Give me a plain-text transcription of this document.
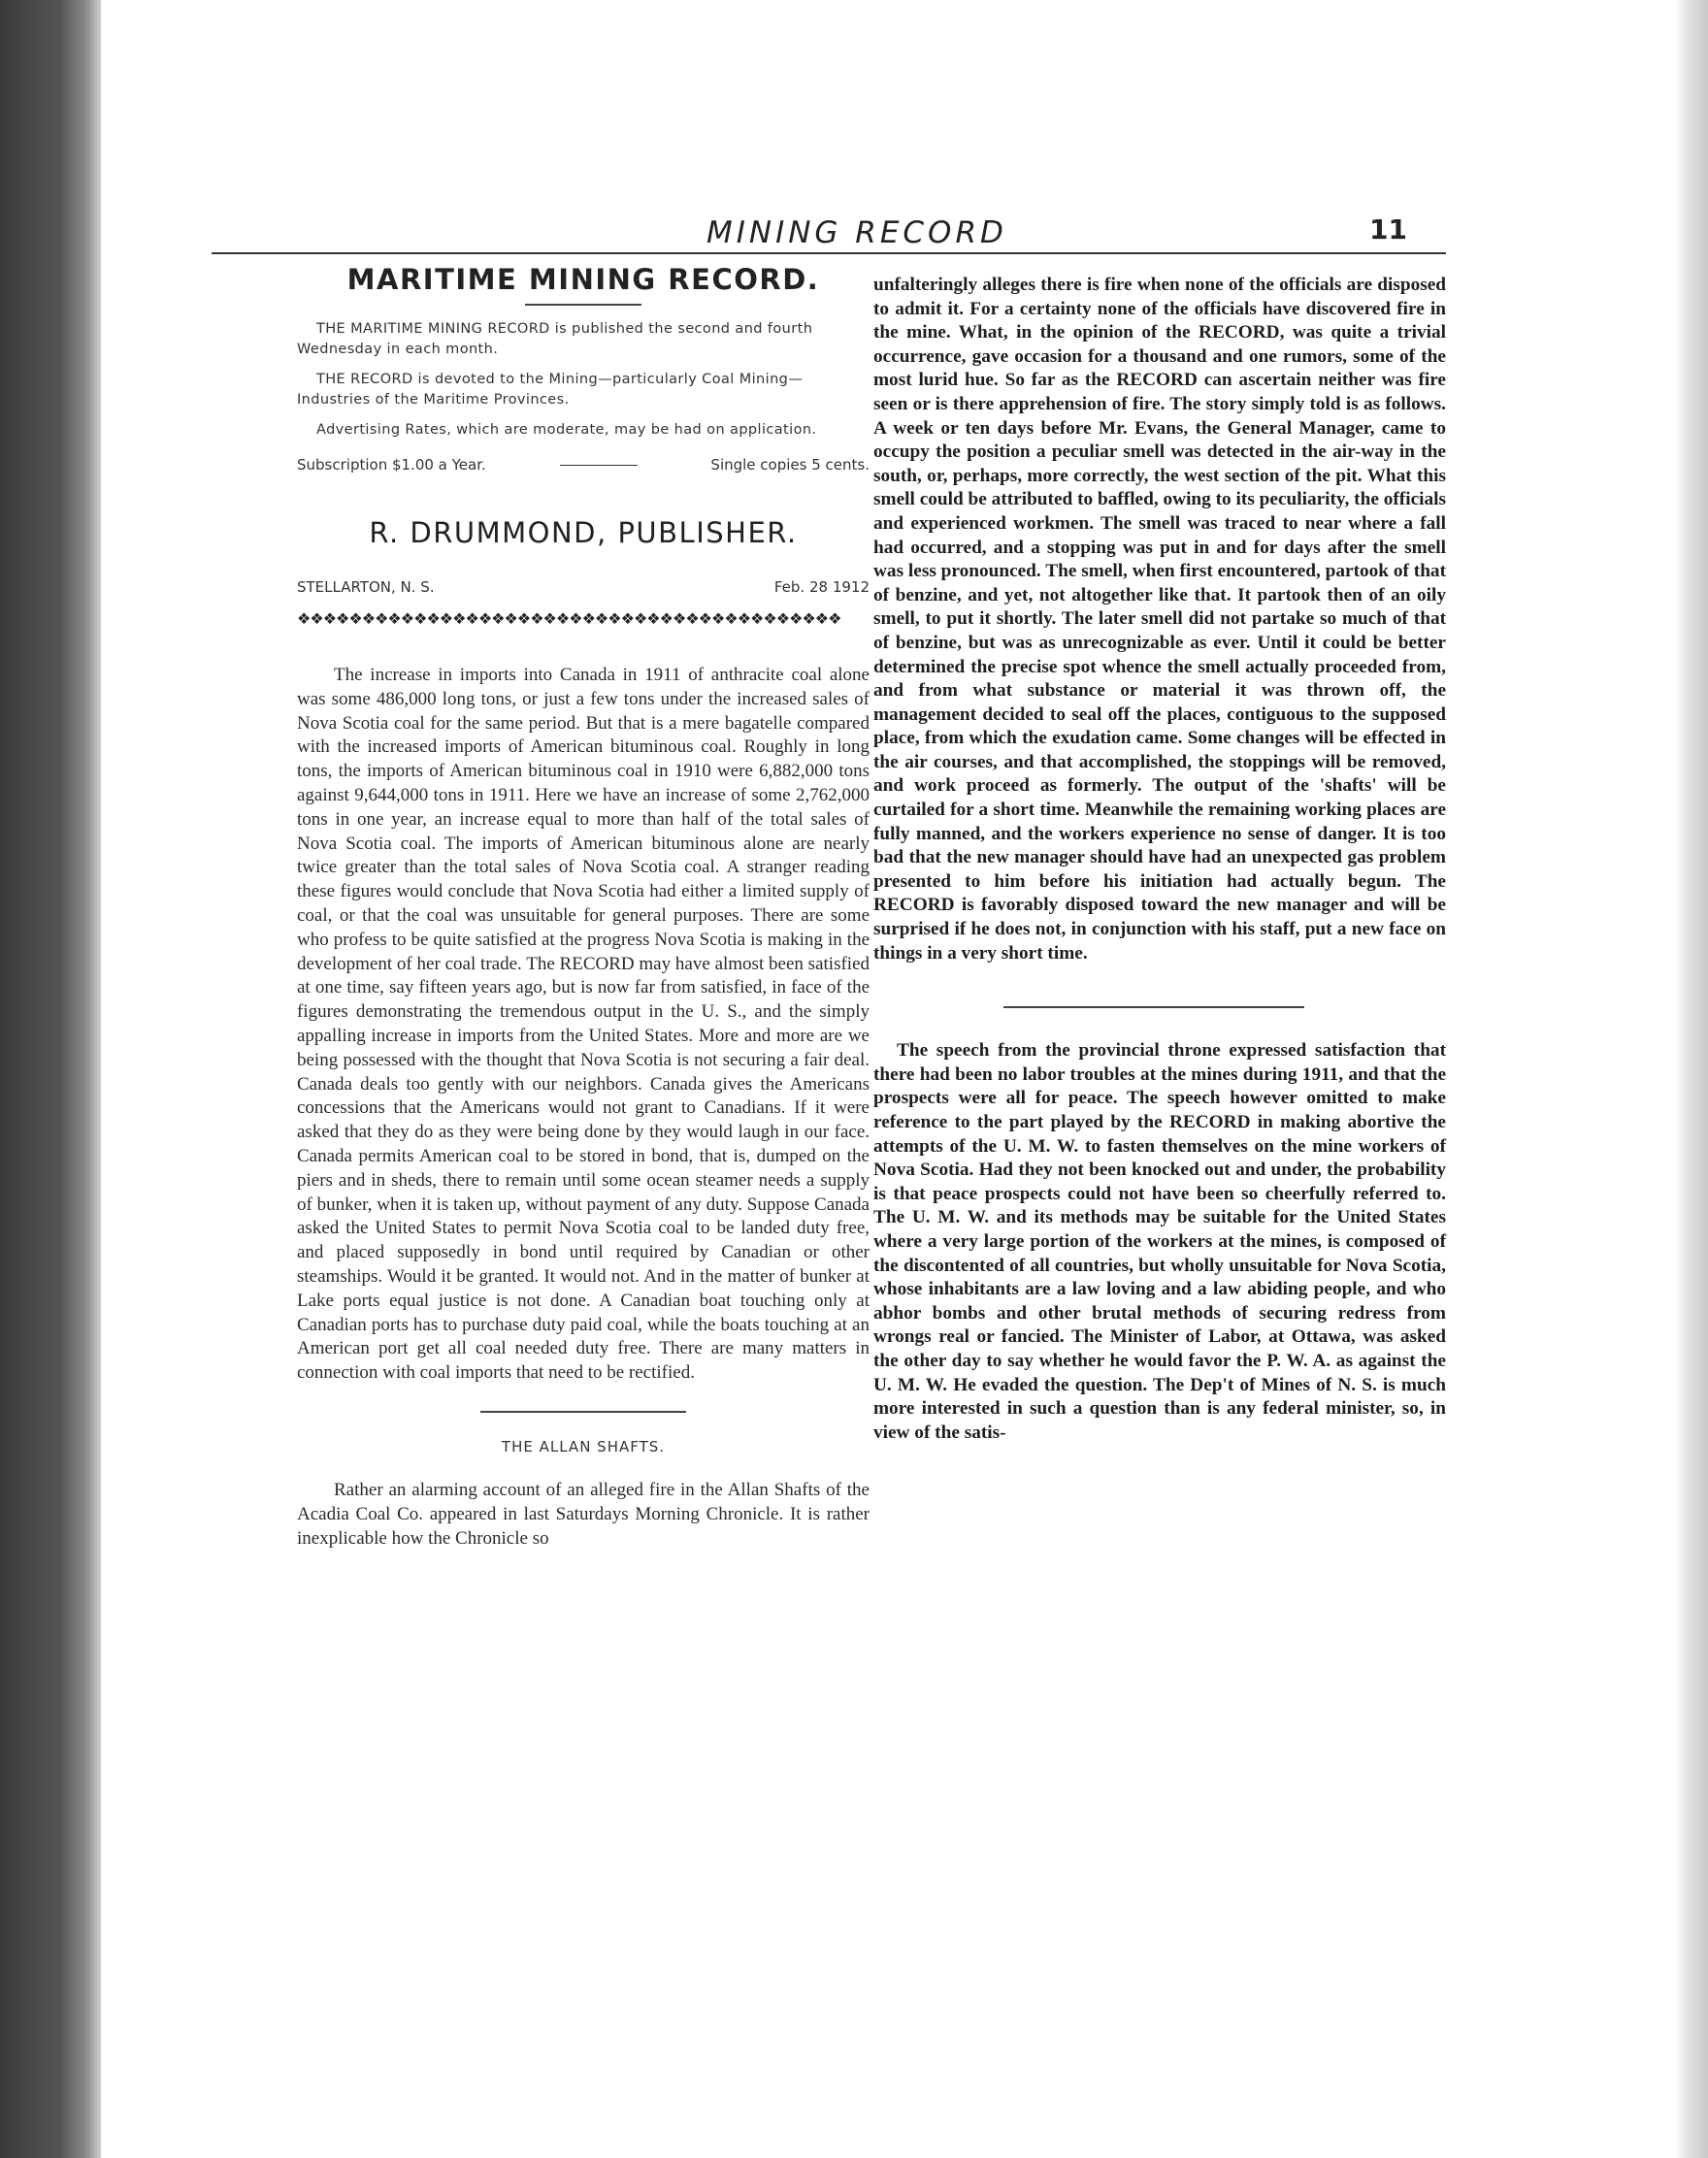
MINING RECORD	11
MARITIME MINING RECORD.

THE MARITIME MINING RECORD is published the second and fourth Wednesday in each month.

THE RECORD is devoted to the Mining—particularly Coal Mining—Industries of the Maritime Provinces.

Advertising Rates, which are moderate, may be had on application.

Subscription $1.00 a Year.	Single copies 5 cents.
R. DRUMMOND, PUBLISHER.
STELLARTON, N. S.	Feb. 28 1912
❖❖❖❖❖❖❖❖❖❖❖❖❖❖❖❖❖❖❖❖❖❖❖❖❖❖❖❖❖❖❖❖❖❖❖❖❖❖❖❖❖❖

The increase in imports into Canada in 1911 of anthracite coal alone was some 486,000 long tons, or just a few tons under the increased sales of Nova Scotia coal for the same period. But that is a mere bagatelle compared with the increased imports of American bituminous coal. Roughly in long tons, the imports of American bituminous coal in 1910 were 6,882,000 tons against 9,644,000 tons in 1911. Here we have an increase of some 2,762,000 tons in one year, an increase equal to more than half of the total sales of Nova Scotia coal. The imports of American bituminous alone are nearly twice greater than the total sales of Nova Scotia coal. A stranger reading these figures would conclude that Nova Scotia had either a limited supply of coal, or that the coal was unsuitable for general purposes. There are some who profess to be quite satisfied at the progress Nova Scotia is making in the development of her coal trade. The RECORD may have almost been satisfied at one time, say fifteen years ago, but is now far from satisfied, in face of the figures demonstrating the tremendous output in the U. S., and the simply appalling increase in imports from the United States. More and more are we being possessed with the thought that Nova Scotia is not securing a fair deal. Canada deals too gently with our neighbors. Canada gives the Americans concessions that the Americans would not grant to Canadians. If it were asked that they do as they were being done by they would laugh in our face. Canada permits American coal to be stored in bond, that is, dumped on the piers and in sheds, there to remain until some ocean steamer needs a supply of bunker, when it is taken up, without payment of any duty. Suppose Canada asked the United States to permit Nova Scotia coal to be landed duty free, and placed supposedly in bond until required by Canadian or other steamships. Would it be granted. It would not. And in the matter of bunker at Lake ports equal justice is not done. A Canadian boat touching only at Canadian ports has to purchase duty paid coal, while the boats touching at an American port get all coal needed duty free. There are many matters in connection with coal imports that need to be rectified.

THE ALLAN SHAFTS.

Rather an alarming account of an alleged fire in the Allan Shafts of the Acadia Coal Co. appeared in last Saturdays Morning Chronicle. It is rather inexplicable how the Chronicle so

unfalteringly alleges there is fire when none of the officials are disposed to admit it. For a certainty none of the officials have discovered fire in the mine. What, in the opinion of the RECORD, was quite a trivial occurrence, gave occasion for a thousand and one rumors, some of the most lurid hue. So far as the RECORD can ascertain neither was fire seen or is there apprehension of fire. The story simply told is as follows. A week or ten days before Mr. Evans, the General Manager, came to occupy the position a peculiar smell was detected in the air-way in the south, or, perhaps, more correctly, the west section of the pit. What this smell could be attributed to baffled, owing to its peculiarity, the officials and experienced workmen. The smell was traced to near where a fall had occurred, and a stopping was put in and for days after the smell was less pronounced. The smell, when first encountered, partook of that of benzine, and yet, not altogether like that. It partook then of an oily smell, to put it shortly. The later smell did not partake so much of that of benzine, but was as unrecognizable as ever. Until it could be better determined the precise spot whence the smell actually proceeded from, and from what substance or material it was thrown off, the management decided to seal off the places, contiguous to the supposed place, from which the exudation came. Some changes will be effected in the air courses, and that accomplished, the stoppings will be removed, and work proceed as formerly. The output of the 'shafts' will be curtailed for a short time. Meanwhile the remaining working places are fully manned, and the workers experience no sense of danger. It is too bad that the new manager should have had an unexpected gas problem presented to him before his initiation had actually begun. The RECORD is favorably disposed toward the new manager and will be surprised if he does not, in conjunction with his staff, put a new face on things in a very short time.

The speech from the provincial throne expressed satisfaction that there had been no labor troubles at the mines during 1911, and that the prospects were all for peace. The speech however omitted to make reference to the part played by the RECORD in making abortive the attempts of the U. M. W. to fasten themselves on the mine workers of Nova Scotia. Had they not been knocked out and under, the probability is that peace prospects could not have been so cheerfully referred to. The U. M. W. and its methods may be suitable for the United States where a very large portion of the workers at the mines, is composed of the discontented of all countries, but wholly unsuitable for Nova Scotia, whose inhabitants are a law loving and a law abiding people, and who abhor bombs and other brutal methods of securing redress from wrongs real or fancied. The Minister of Labor, at Ottawa, was asked the other day to say whether he would favor the P. W. A. as against the U. M. W. He evaded the question. The Dep't of Mines of N. S. is much more interested in such a question than is any federal minister, so, in view of the satis-
